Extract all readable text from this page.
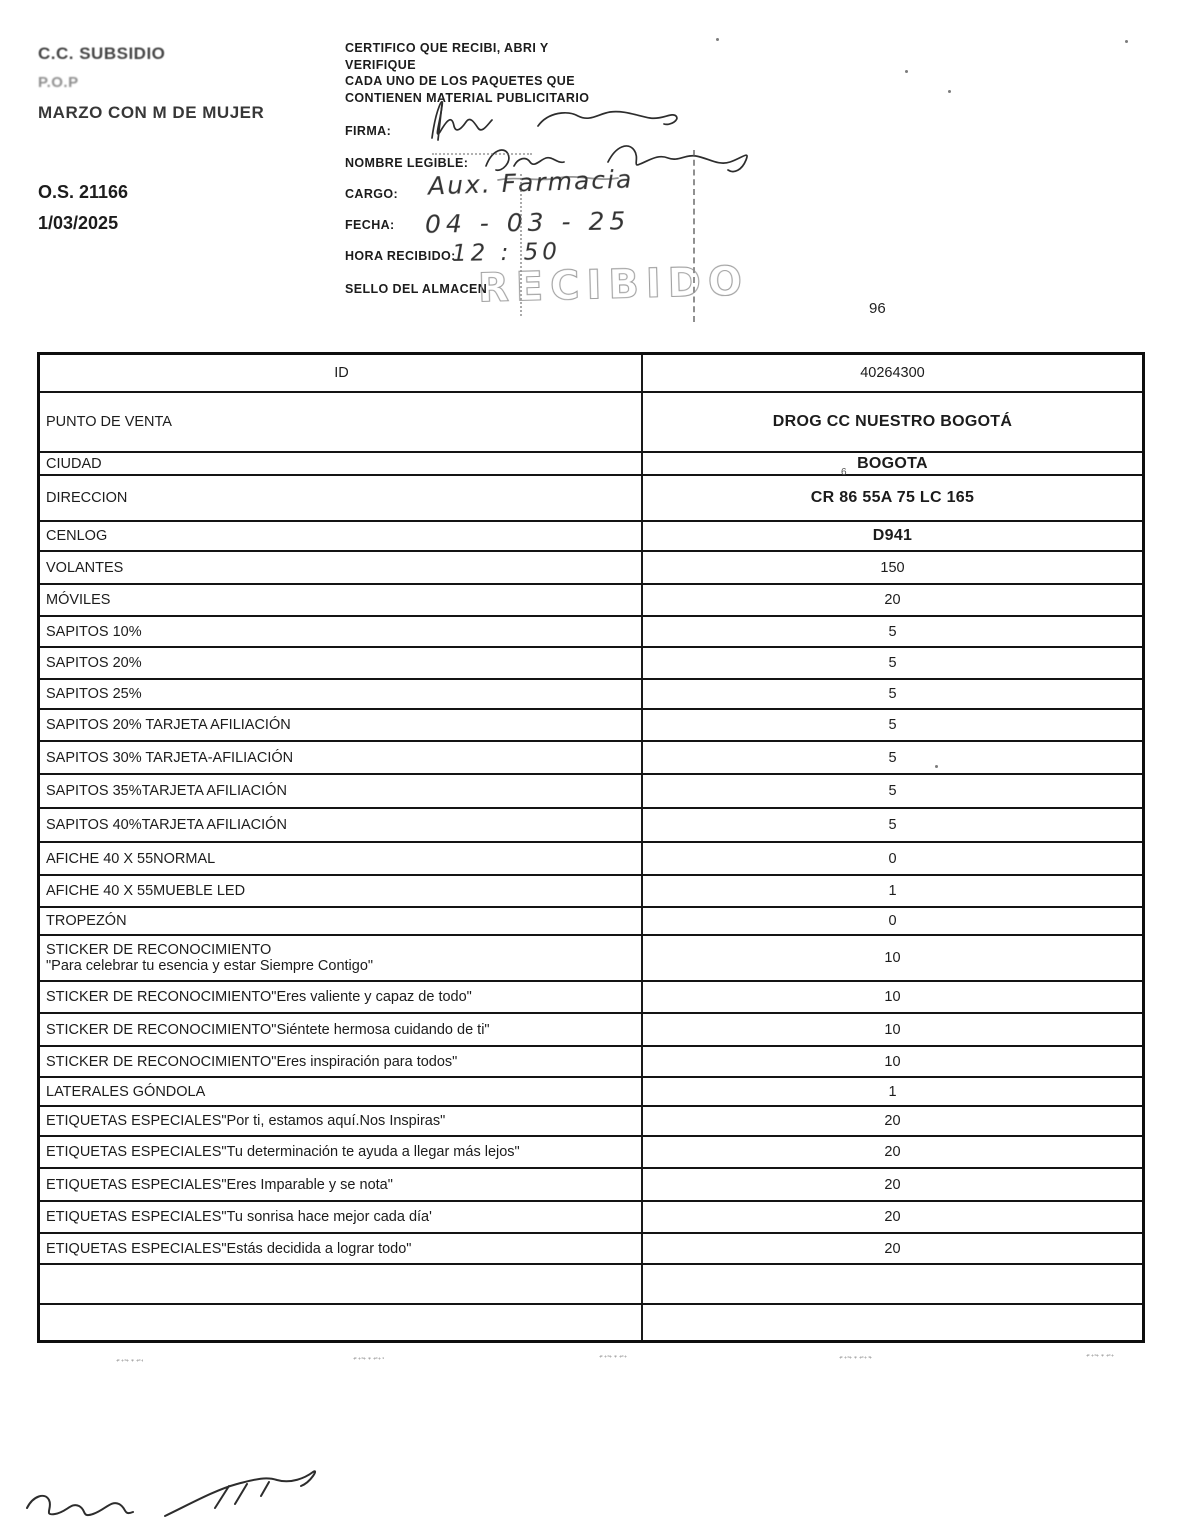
C.C. SUBSIDIO
P.O.P
MARZO CON M DE MUJER
O.S. 21166
1/03/2025
CERTIFICO QUE RECIBI, ABRI Y
VERIFIQUE
CADA UNO DE LOS PAQUETES QUE
CONTIENEN MATERIAL PUBLICITARIO
FIRMA:
NOMBRE LEGIBLE:
CARGO:
FECHA:
HORA RECIBIDO:
SELLO DEL ALMACEN
Aux. Farmacia
04 - 03 - 25
12 : 50
RECIBIDO	96
ID	40264300
PUNTO DE VENTA	DROG CC NUESTRO BOGOTÁ
CIUDAD	BOGOTA
DIRECCION	CR 86 55A 75 LC 165
CENLOG	D941
VOLANTES	150
MÓVILES	20
SAPITOS 10%	5
SAPITOS 20%	5
SAPITOS 25%	5
SAPITOS 20% TARJETA AFILIACIÓN	5
SAPITOS 30% TARJETA-AFILIACIÓN	5
SAPITOS 35%TARJETA AFILIACIÓN	5
SAPITOS 40%TARJETA AFILIACIÓN	5
AFICHE 40 X 55NORMAL	0
AFICHE 40 X 55MUEBLE LED	1
TROPEZÓN	0
STICKER DE RECONOCIMIENTO
"Para celebrar tu esencia y estar Siempre Contigo"	10
STICKER DE RECONOCIMIENTO"Eres valiente y capaz de todo"	10
STICKER DE RECONOCIMIENTO"Siéntete hermosa cuidando de ti"	10
STICKER DE RECONOCIMIENTO"Eres inspiración para todos"	10
LATERALES GÓNDOLA	1
ETIQUETAS ESPECIALES"Por ti, estamos aquí.Nos Inspiras"	20
ETIQUETAS ESPECIALES"Tu determinación te ayuda a llegar más lejos"	20
ETIQUETAS ESPECIALES"Eres Imparable y se nota"	20
ETIQUETAS ESPECIALES"Tu sonrisa hace mejor cada día'	20
ETIQUETAS ESPECIALES"Estás decidida a lograr todo"	20
6
